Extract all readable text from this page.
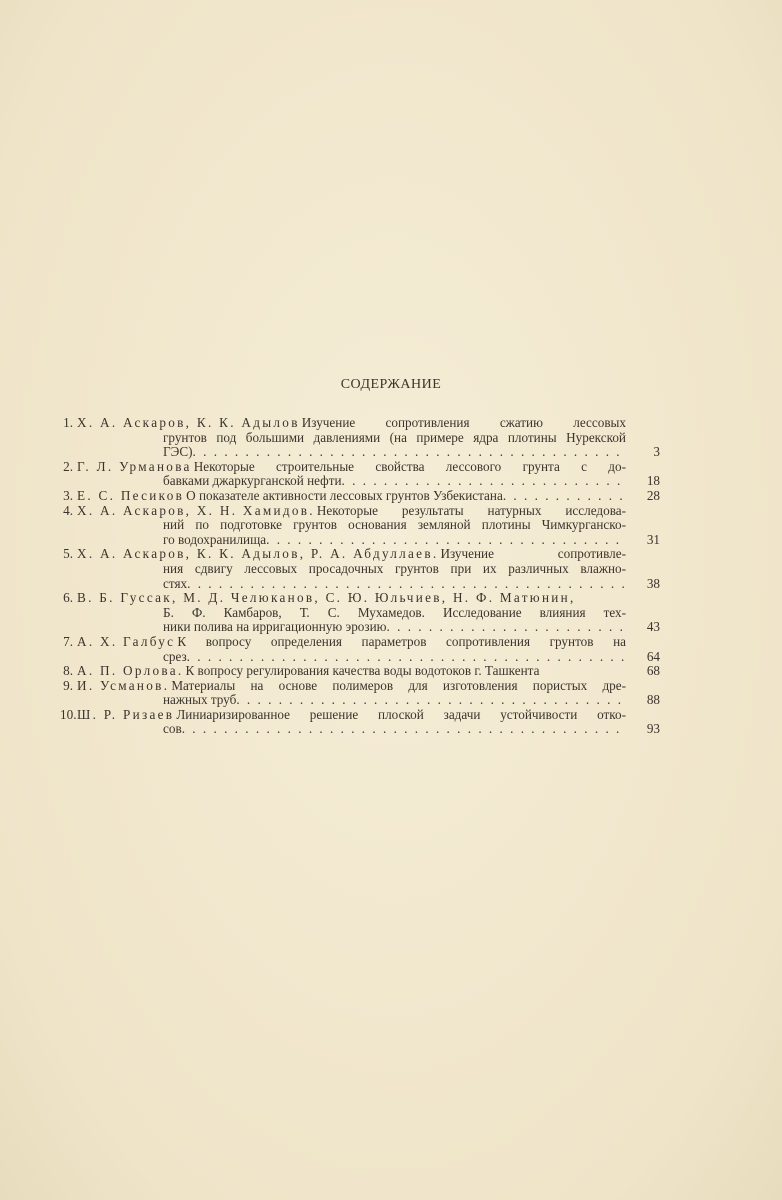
СОДЕРЖАНИЕ
1. Х. А. Аскаров, К. К. Адылов Изучение сопротивления сжатию лессовых
грунтов под большими давлениями (на примере ядра плотины Нурекской
ГЭС) . . .	3
2. Г. Л. Урманова Некоторые строительные свойства лессового грунта с до-
бавками джаркурганской нефти . . .	18
3. Е. С. Песиков О показателе активности лессовых грунтов Узбекистана . . .	28
4. Х. А. Аскаров, Х. Н. Хамидов. Некоторые результаты натурных исследова-
ний по подготовке грунтов основания земляной плотины Чимкурганско-
го водохранилища . . .	31
5. Х. А. Аскаров, К. К. Адылов, Р. А. Абдуллаев. Изучение сопротивле-
ния сдвигу лессовых просадочных грунтов при их различных влажно-
стях . . .	38
6. В. Б. Гуссак, М. Д. Челюканов, С. Ю. Юльчиев, Н. Ф. Матюнин,
Б. Ф. Камбаров, Т. С. Мухамедов. Исследование влияния тех-
ники полива на ирригационную эрозию . . .	43
7. А. Х. Галбус К вопросу определения параметров сопротивления грунтов на
срез . . .	64
8. А. П. Орлова. К вопросу регулирования качества воды водотоков г. Ташкента	68
9. И. Усманов. Материалы на основе полимеров для изготовления пористых дре-
нажных труб . . .	88
10. Ш. Р. Ризаев Линиаризированное решение плоской задачи устойчивости отко-
сов . . .	93
